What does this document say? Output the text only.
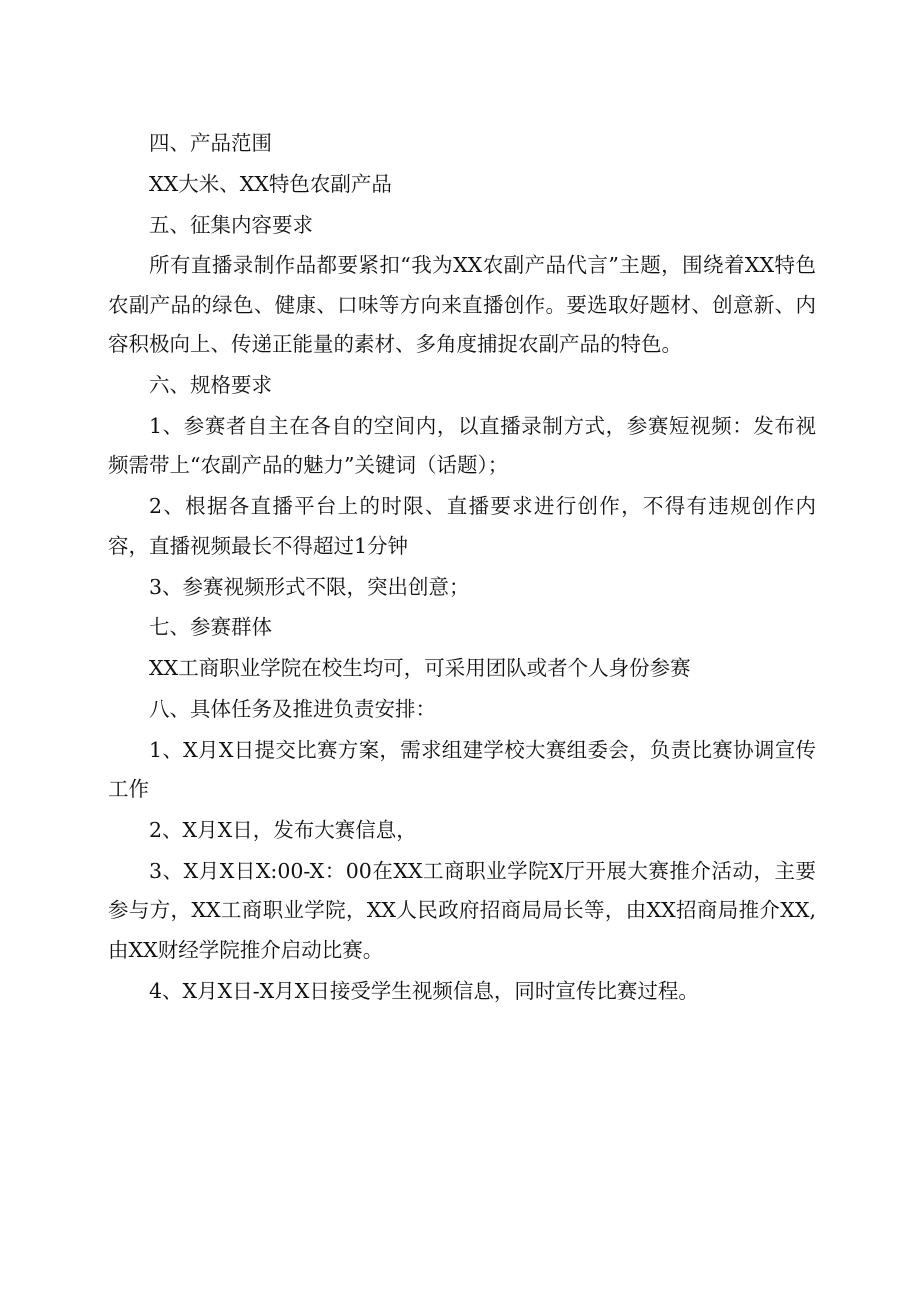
四、产品范围

XX大米、XX特色农副产品

五、征集内容要求

所有直播录制作品都要紧扣“我为XX农副产品代言”主题，围绕着XX特色农副产品的绿色、健康、口味等方向来直播创作。要选取好题材、创意新、内容积极向上、传递正能量的素材、多角度捕捉农副产品的特色。

六、规格要求

1、参赛者自主在各自的空间内，以直播录制方式，参赛短视频：发布视频需带上“农副产品的魅力”关键词（话题）；

2、根据各直播平台上的时限、直播要求进行创作，不得有违规创作内容，直播视频最长不得超过1分钟

3、参赛视频形式不限，突出创意；

七、参赛群体

XX工商职业学院在校生均可，可采用团队或者个人身份参赛

八、具体任务及推进负责安排：

1、X月X日提交比赛方案，需求组建学校大赛组委会，负责比赛协调宣传工作

2、X月X日，发布大赛信息，

3、X月X日X:00-X：00在XX工商职业学院X厅开展大赛推介活动，主要参与方，XX工商职业学院，XX人民政府招商局局长等，由XX招商局推介XX,由XX财经学院推介启动比赛。

4、X月X日-X月X日接受学生视频信息，同时宣传比赛过程。
